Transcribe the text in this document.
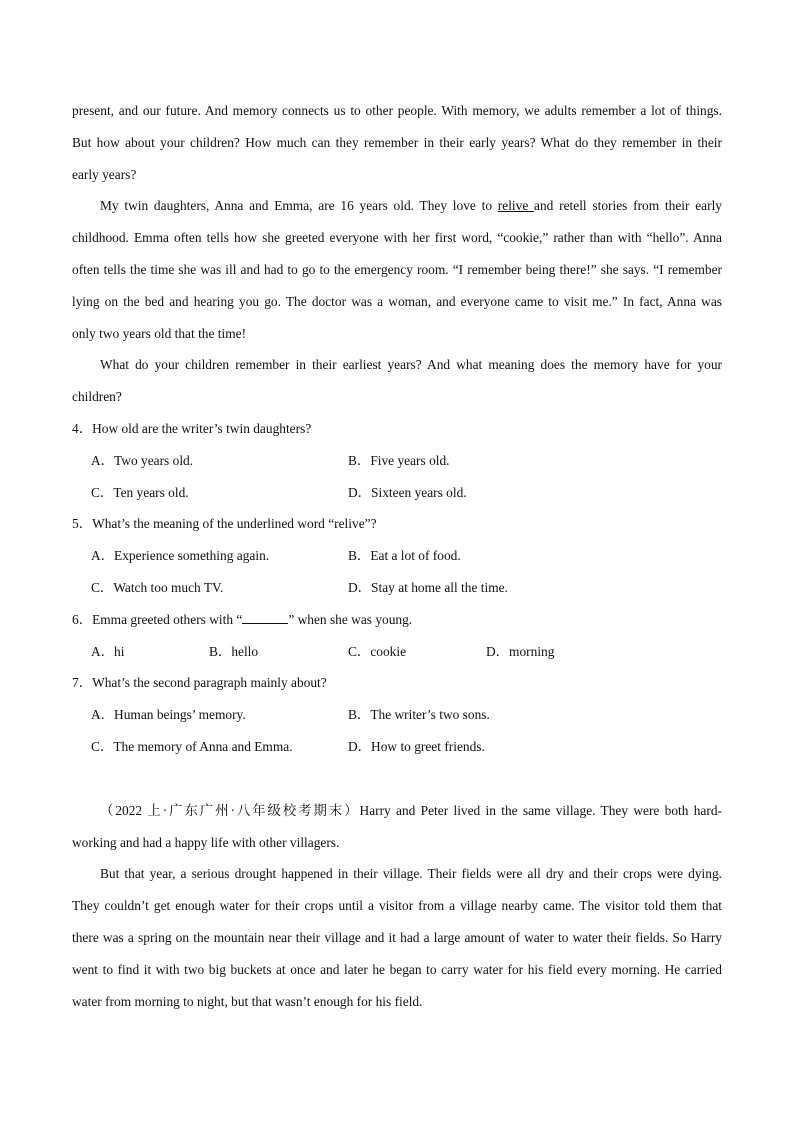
present, and our future. And memory connects us to other people. With memory, we adults remember a lot of things.
But how about your children? How much can they remember in their early years? What do they remember in their
early years?
My twin daughters, Anna and Emma, are 16 years old. They love to relive and retell stories from their early
childhood. Emma often tells how she greeted everyone with her first word, “cookie,” rather than with “hello”. Anna
often tells the time she was ill and had to go to the emergency room. “I remember being there!” she says. “I remember
lying on the bed and hearing you go. The doctor was a woman, and everyone came to visit me.” In fact, Anna was
only two years old that the time!
What do your children remember in their earliest years? And what meaning does the memory have for your
children?
4．How old are the writer’s twin daughters?
A．Two years old.	B．Five years old.
C．Ten years old.	D．Sixteen years old.
5．What’s the meaning of the underlined word “relive”?
A．Experience something again.	B．Eat a lot of food.
C．Watch too much TV.	D．Stay at home all the time.
6．Emma greeted others with “	” when she was young.
A．hi	B．hello	C．cookie	D．morning
7．What’s the second paragraph mainly about?
A．Human beings’ memory.	B．The writer’s two sons.
C．The memory of Anna and Emma.	D．How to greet friends.
（2022 上·广东广州·八年级校考期末）Harry and Peter lived in the same village. They were both hard-
working and had a happy life with other villagers.
But that year, a serious drought happened in their village. Their fields were all dry and their crops were dying.
They couldn’t get enough water for their crops until a visitor from a village nearby came. The visitor told them that
there was a spring on the mountain near their village and it had a large amount of water to water their fields. So Harry
went to find it with two big buckets at once and later he began to carry water for his field every morning. He carried
water from morning to night, but that wasn’t enough for his field.
